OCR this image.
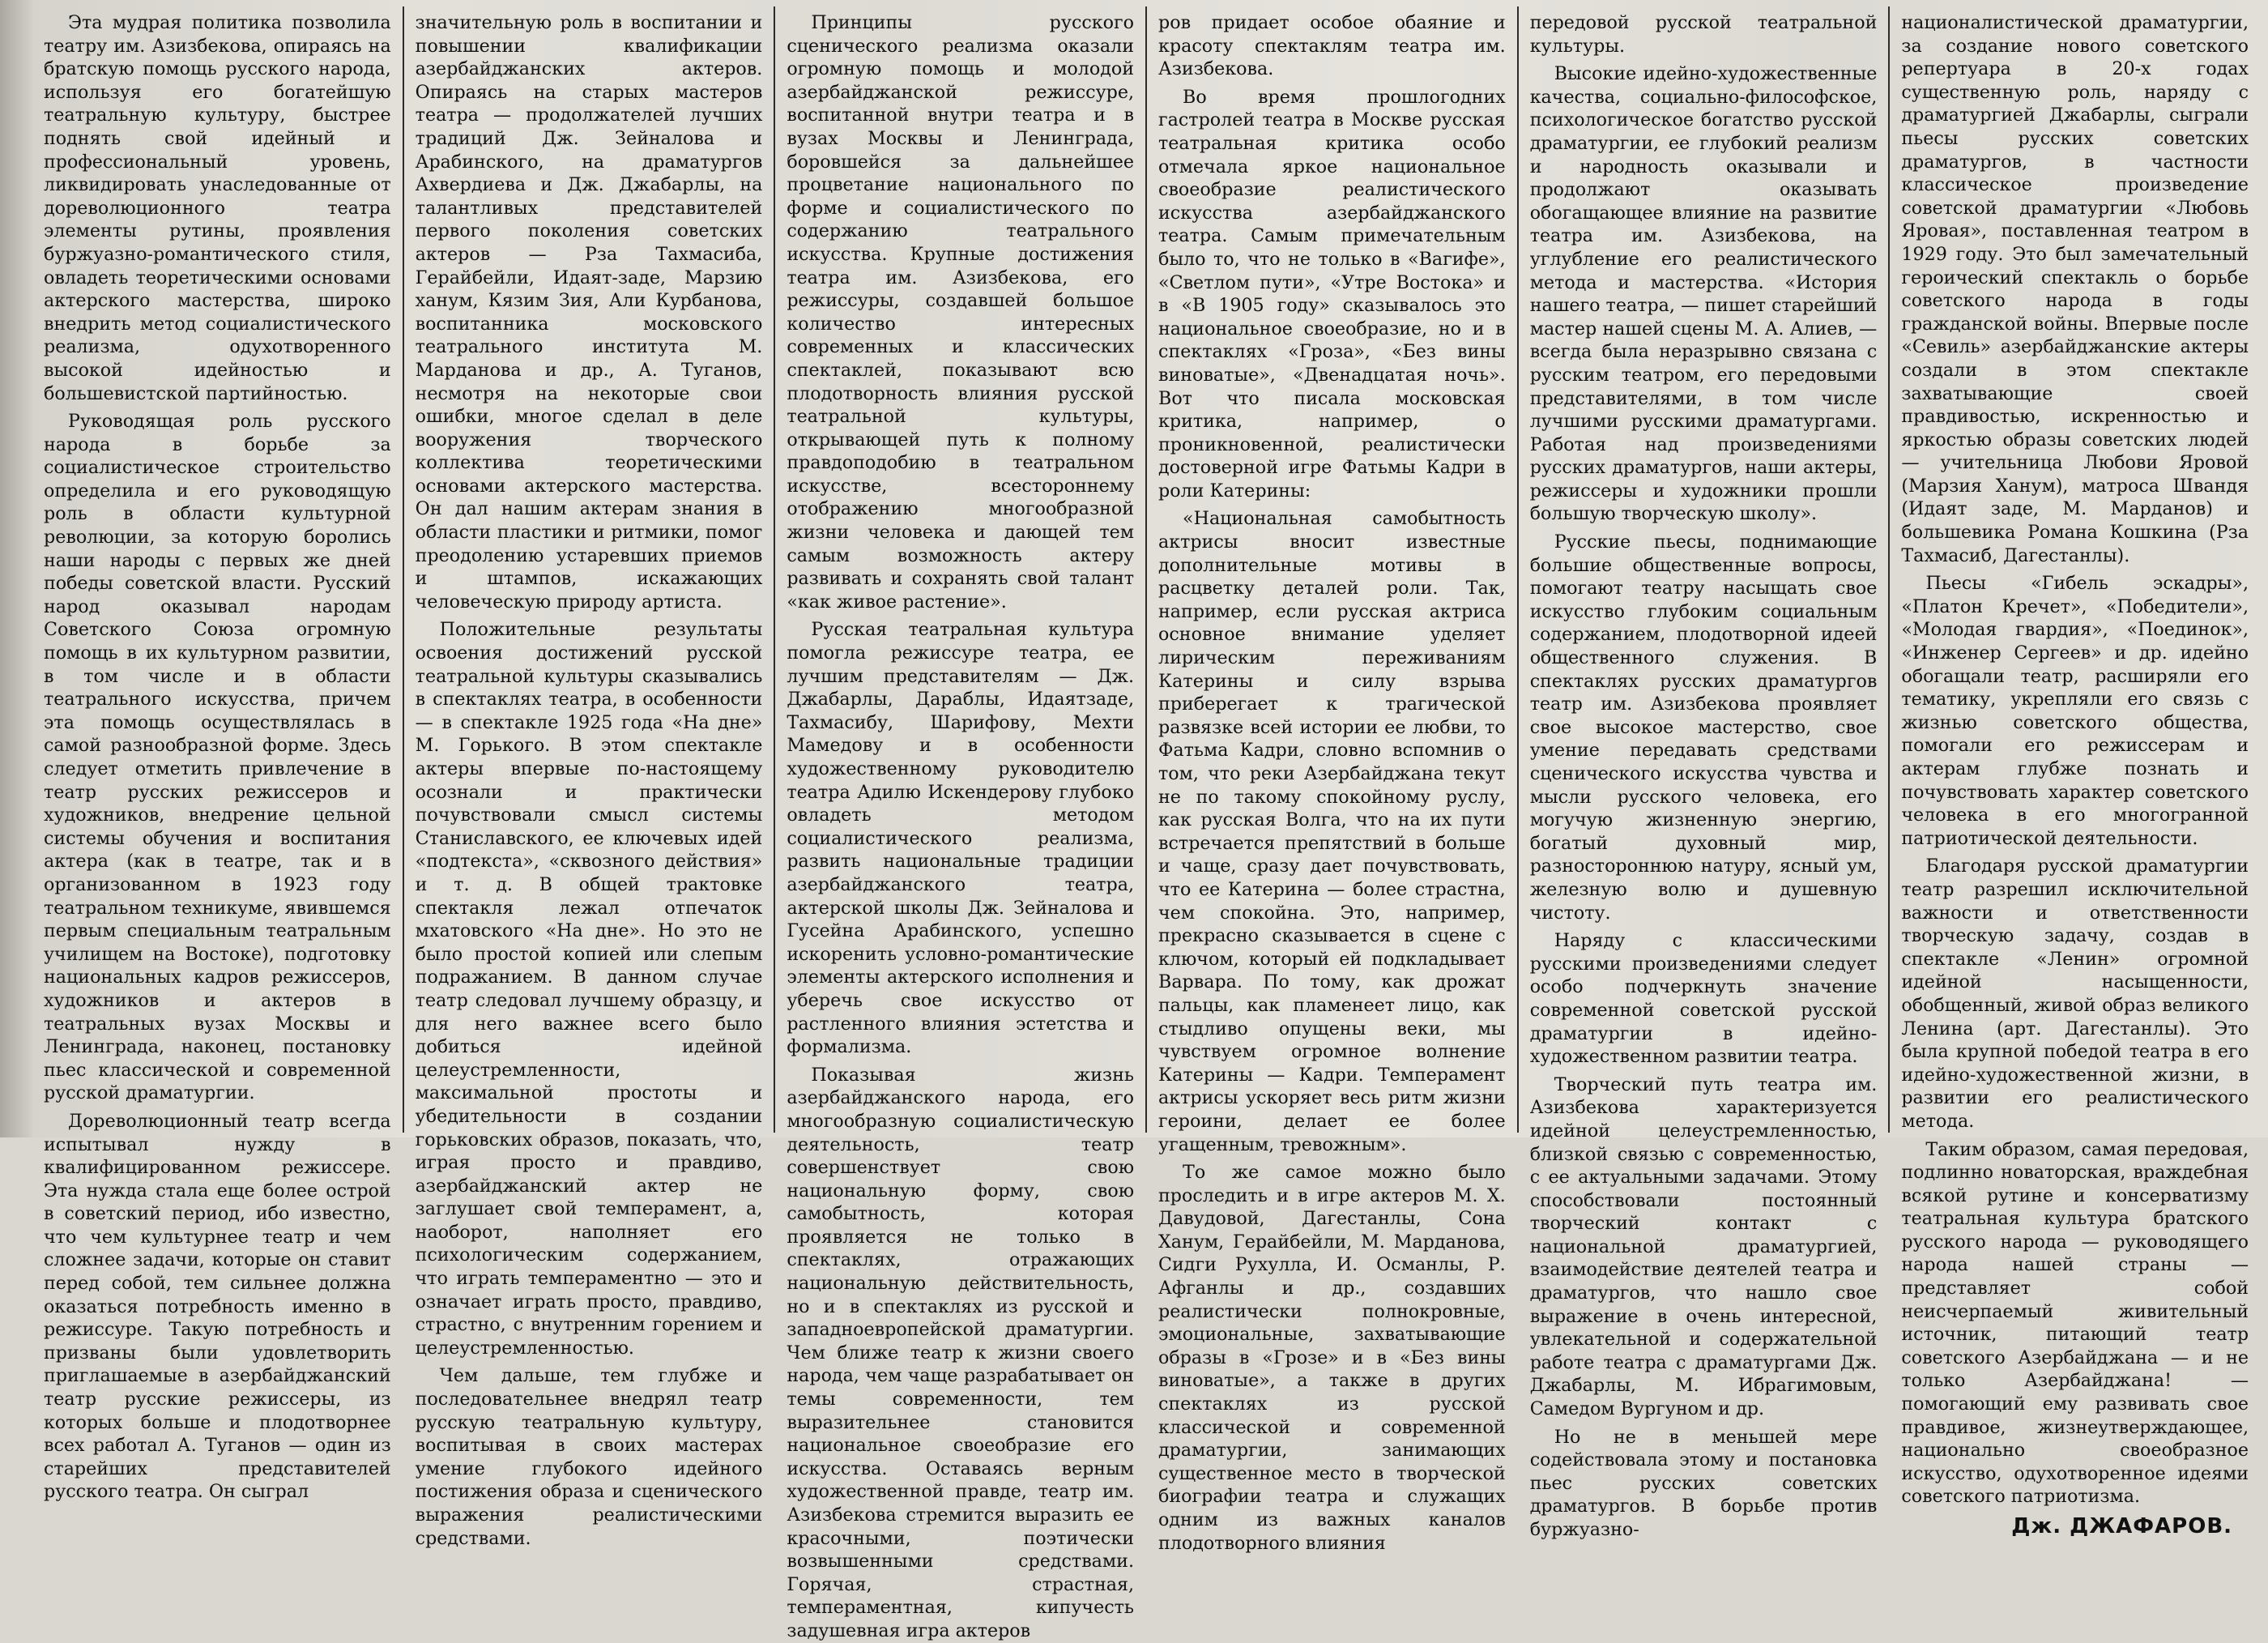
Эта мудрая политика позволила театру им. Азизбекова, опираясь на братскую помощь русского народа, используя его богатейшую театральную культуру, быстрее поднять свой идейный и профессиональный уровень, ликвидировать унаследованные от дореволюционного театра элементы рутины, проявления буржуазно-романтического стиля, овладеть теоретическими основами актерского мастерства, широко внедрить метод социалистического реализма, одухотворенного высокой идейностью и большевистской партийностью.

Руководящая роль русского народа в борьбе за социалистическое строительство определила и его руководящую роль в области культурной революции, за которую боролись наши народы с первых же дней победы советской власти. Русский народ оказывал народам Советского Союза огромную помощь в их культурном развитии, в том числе и в области театрального искусства, причем эта помощь осуществлялась в самой разнообразной форме. Здесь следует отметить привлечение в театр русских режиссеров и художников, внедрение цельной системы обучения и воспитания актера (как в театре, так и в организованном в 1923 году театральном техникуме, явившемся первым специальным театральным училищем на Востоке), подготовку национальных кадров режиссеров, художников и актеров в театральных вузах Москвы и Ленинграда, наконец, постановку пьес классической и современной русской драматургии.

Дореволюционный театр всегда испытывал нужду в квалифицированном режиссере. Эта нужда стала еще более острой в советский период, ибо известно, что чем культурнее театр и чем сложнее задачи, которые он ставит перед собой, тем сильнее должна оказаться потребность именно в режиссуре. Такую потребность и призваны были удовлетворить приглашаемые в азербайджанский театр русские режиссеры, из которых больше и плодотворнее всех работал А. Туганов — один из старейших представителей русского театра. Он сыграл

значительную роль в воспитании и повышении квалификации азербайджанских актеров. Опираясь на старых мастеров театра — продолжателей лучших традиций Дж. Зейналова и Арабинского, на драматургов Ахвердиева и Дж. Джабарлы, на талантливых представителей первого поколения советских актеров — Рза Тахмасиба, Герайбейли, Идаят-заде, Марзию ханум, Кязим Зия, Али Курбанова, воспитанника московского театрального института М. Марданова и др., А. Туганов, несмотря на некоторые свои ошибки, многое сделал в деле вооружения творческого коллектива теоретическими основами актерского мастерства. Он дал нашим актерам знания в области пластики и ритмики, помог преодолению устаревших приемов и штампов, искажающих человеческую природу артиста.

Положительные результаты освоения достижений русской театральной культуры сказывались в спектаклях театра, в особенности — в спектакле 1925 года «На дне» М. Горького. В этом спектакле актеры впервые по-настоящему осознали и практически почувствовали смысл системы Станиславского, ее ключевых идей «подтекста», «сквозного действия» и т. д. В общей трактовке спектакля лежал отпечаток мхатовского «На дне». Но это не было простой копией или слепым подражанием. В данном случае театр следовал лучшему образцу, и для него важнее всего было добиться идейной целеустремленности, максимальной простоты и убедительности в создании горьковских образов, показать, что, играя просто и правдиво, азербайджанский актер не заглушает свой темперамент, а, наоборот, наполняет его психологическим содержанием, что играть темпераментно — это и означает играть просто, правдиво, страстно, с внутренним горением и целеустремленностью.

Чем дальше, тем глубже и последовательнее внедрял театр русскую театральную культуру, воспитывая в своих мастерах умение глубокого идейного постижения образа и сценического выражения реалистическими средствами.

Принципы русского сценического реализма оказали огромную помощь и молодой азербайджанской режиссуре, воспитанной внутри театра и в вузах Москвы и Ленинграда, боровшейся за дальнейшее процветание национального по форме и социалистического по содержанию театрального искусства. Крупные достижения театра им. Азизбекова, его режиссуры, создавшей большое количество интересных современных и классических спектаклей, показывают всю плодотворность влияния русской театральной культуры, открывающей путь к полному правдоподобию в театральном искусстве, всестороннему отображению многообразной жизни человека и дающей тем самым возможность актеру развивать и сохранять свой талант «как живое растение».

Русская театральная культура помогла режиссуре театра, ее лучшим представителям — Дж. Джабарлы, Дараблы, Идаятзаде, Тахмасибу, Шарифову, Мехти Мамедову и в особенности художественному руководителю театра Адилю Искендерову глубоко овладеть методом социалистического реализма, развить национальные традиции азербайджанского театра, актерской школы Дж. Зейналова и Гусейна Арабинского, успешно искоренить условно-романтические элементы актерского исполнения и уберечь свое искусство от растленного влияния эстетства и формализма.

Показывая жизнь азербайджанского народа, его многообразную социалистическую деятельность, театр совершенствует свою национальную форму, свою самобытность, которая проявляется не только в спектаклях, отражающих национальную действительность, но и в спектаклях из русской и западноевропейской драматургии. Чем ближе театр к жизни своего народа, чем чаще разрабатывает он темы современности, тем выразительнее становится национальное своеобразие его искусства. Оставаясь верным художественной правде, театр им. Азизбекова стремится выразить ее красочными, поэтически возвышенными средствами. Горячая, страстная, темпераментная, кипучесть задушевная игра актеров

ров придает особое обаяние и красоту спектаклям театра им. Азизбекова.

Во время прошлогодних гастролей театра в Москве русская театральная критика особо отмечала яркое национальное своеобразие реалистического искусства азербайджанского театра. Самым примечательным было то, что не только в «Вагифе», «Светлом пути», «Утре Востока» и в «В 1905 году» сказывалось это национальное своеобразие, но и в спектаклях «Гроза», «Без вины виноватые», «Двенадцатая ночь». Вот что писала московская критика, например, о проникновенной, реалистически достоверной игре Фатьмы Кадри в роли Катерины:

«Национальная самобытность актрисы вносит известные дополнительные мотивы в расцветку деталей роли. Так, например, если русская актриса основное внимание уделяет лирическим переживаниям Катерины и силу взрыва приберегает к трагической развязке всей истории ее любви, то Фатьма Кадри, словно вспомнив о том, что реки Азербайджана текут не по такому спокойному руслу, как русская Волга, что на их пути встречается препятствий в больше и чаще, сразу дает почувствовать, что ее Катерина — более страстна, чем спокойна. Это, например, прекрасно сказывается в сцене с ключом, который ей подкладывает Варвара. По тому, как дрожат пальцы, как пламенеет лицо, как стыдливо опущены веки, мы чувствуем огромное волнение Катерины — Кадри. Темперамент актрисы ускоряет весь ритм жизни героини, делает ее более угащенным, тревожным».

То же самое можно было проследить и в игре актеров М. Х. Давудовой, Дагестанлы, Сона Ханум, Герайбейли, М. Марданова, Сидги Рухулла, И. Османлы, Р. Афганлы и др., создавших реалистически полнокровные, эмоциональные, захватывающие образы в «Грозе» и в «Без вины виноватые», а также в других спектаклях из русской классической и современной драматургии, занимающих существенное место в творческой биографии театра и служащих одним из важных каналов плодотворного влияния

передовой русской театральной культуры.

Высокие идейно-художественные качества, социально-философское, психологическое богатство русской драматургии, ее глубокий реализм и народность оказывали и продолжают оказывать обогащающее влияние на развитие театра им. Азизбекова, на углубление его реалистического метода и мастерства. «История нашего театра, — пишет старейший мастер нашей сцены М. А. Алиев, — всегда была неразрывно связана с русским театром, его передовыми представителями, в том числе лучшими русскими драматургами. Работая над произведениями русских драматургов, наши актеры, режиссеры и художники прошли большую творческую школу».

Русские пьесы, поднимающие большие общественные вопросы, помогают театру насыщать свое искусство глубоким социальным содержанием, плодотворной идеей общественного служения. В спектаклях русских драматургов театр им. Азизбекова проявляет свое высокое мастерство, свое умение передавать средствами сценического искусства чувства и мысли русского человека, его могучую жизненную энергию, богатый духовный мир, разностороннюю натуру, ясный ум, железную волю и душевную чистоту.

Наряду с классическими русскими произведениями следует особо подчеркнуть значение современной советской русской драматургии в идейно-художественном развитии театра.

Творческий путь театра им. Азизбекова характеризуется идейной целеустремленностью, близкой связью с современностью, с ее актуальными задачами. Этому способствовали постоянный творческий контакт с национальной драматургией, взаимодействие деятелей театра и драматургов, что нашло свое выражение в очень интересной, увлекательной и содержательной работе театра с драматургами Дж. Джабарлы, М. Ибрагимовым, Самедом Вургуном и др.

Но не в меньшей мере содействовала этому и постановка пьес русских советских драматургов. В борьбе против буржуазно-

националистической драматургии, за создание нового советского репертуара в 20-х годах существенную роль, наряду с драматургией Джабарлы, сыграли пьесы русских советских драматургов, в частности классическое произведение советской драматургии «Любовь Яровая», поставленная театром в 1929 году. Это был замечательный героический спектакль о борьбе советского народа в годы гражданской войны. Впервые после «Севиль» азербайджанские актеры создали в этом спектакле захватывающие своей правдивостью, искренностью и яркостью образы советских людей — учительница Любови Яровой (Марзия Ханум), матроса Швандя (Идаят заде, М. Марданов) и большевика Романа Кошкина (Рза Тахмасиб, Дагестанлы).

Пьесы «Гибель эскадры», «Платон Кречет», «Победители», «Молодая гвардия», «Поединок», «Инженер Сергеев» и др. идейно обогащали театр, расширяли его тематику, укрепляли его связь с жизнью советского общества, помогали его режиссерам и актерам глубже познать и почувствовать характер советского человека в его многогранной патриотической деятельности.

Благодаря русской драматургии театр разрешил исключительной важности и ответственности творческую задачу, создав в спектакле «Ленин» огромной идейной насыщенности, обобщенный, живой образ великого Ленина (арт. Дагестанлы). Это была крупной победой театра в его идейно-художественной жизни, в развитии его реалистического метода.

Таким образом, самая передовая, подлинно новаторская, враждебная всякой рутине и консерватизму театральная культура братского русского народа — руководящего народа нашей страны — представляет собой неисчерпаемый живительный источник, питающий театр советского Азербайджана — и не только Азербайджана! — помогающий ему развивать свое правдивое, жизнеутверждающее, национально своеобразное искусство, одухотворенное идеями советского патриотизма.

Дж. ДЖАФАРОВ.
